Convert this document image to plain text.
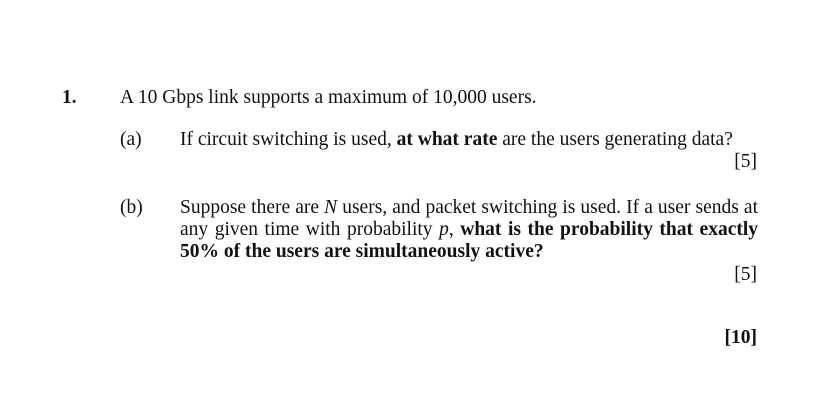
1. A 10 Gbps link supports a maximum of 10,000 users.
(a) If circuit switching is used, at what rate are the users generating data?
[5]
(b) Suppose there are N users, and packet switching is used. If a user sends at any given time with probability p, what is the probability that exactly 50% of the users are simultaneously active?
[5]
[10]
